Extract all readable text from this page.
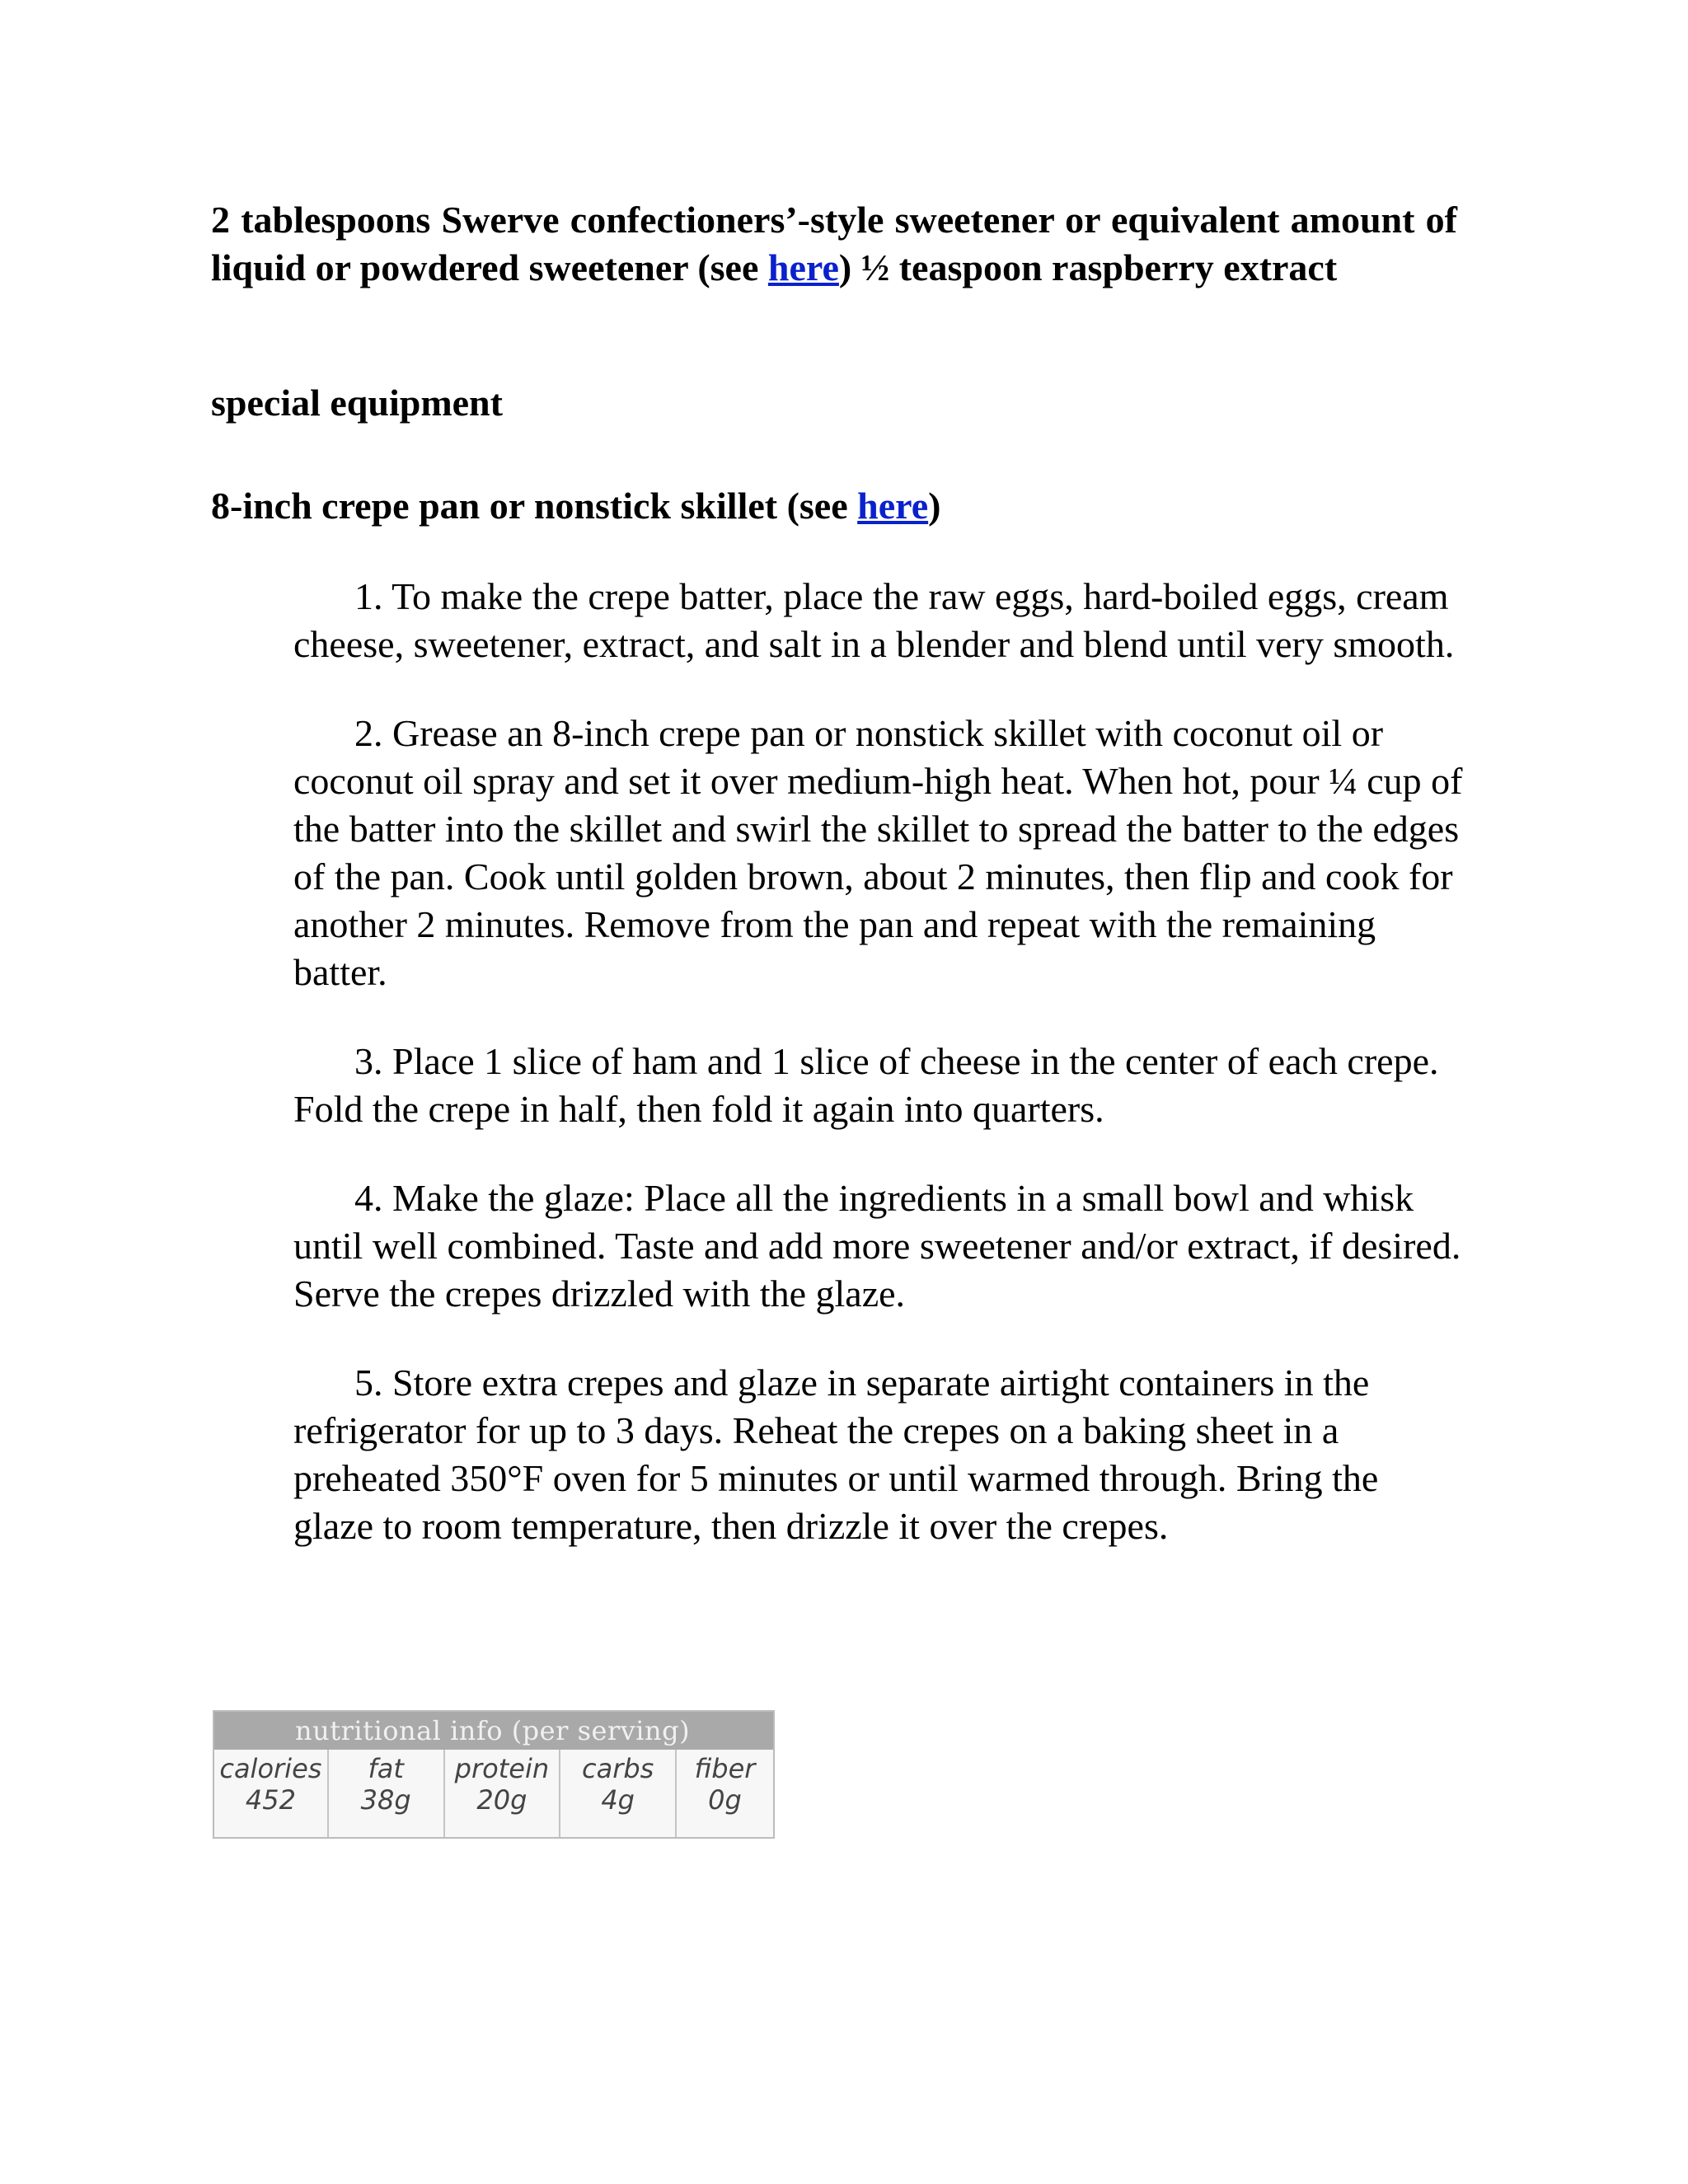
2 tablespoons Swerve confectioners’-style sweetener or equivalent amount of liquid or powdered sweetener (see here) ½ teaspoon raspberry extract

special equipment

8-inch crepe pan or nonstick skillet (see here)

1. To make the crepe batter, place the raw eggs, hard-boiled eggs, cream cheese, sweetener, extract, and salt in a blender and blend until very smooth.

2. Grease an 8-inch crepe pan or nonstick skillet with coconut oil or coconut oil spray and set it over medium-high heat. When hot, pour ¼ cup of the batter into the skillet and swirl the skillet to spread the batter to the edges of the pan. Cook until golden brown, about 2 minutes, then flip and cook for another 2 minutes. Remove from the pan and repeat with the remaining batter.

3. Place 1 slice of ham and 1 slice of cheese in the center of each crepe. Fold the crepe in half, then fold it again into quarters.

4. Make the glaze: Place all the ingredients in a small bowl and whisk until well combined. Taste and add more sweetener and/or extract, if desired. Serve the crepes drizzled with the glaze.

5. Store extra crepes and glaze in separate airtight containers in the refrigerator for up to 3 days. Reheat the crepes on a baking sheet in a preheated 350°F oven for 5 minutes or until warmed through. Bring the glaze to room temperature, then drizzle it over the crepes.

nutritional info (per serving)
calories
452
fat
38g
protein
20g
carbs
4g
fiber
0g
